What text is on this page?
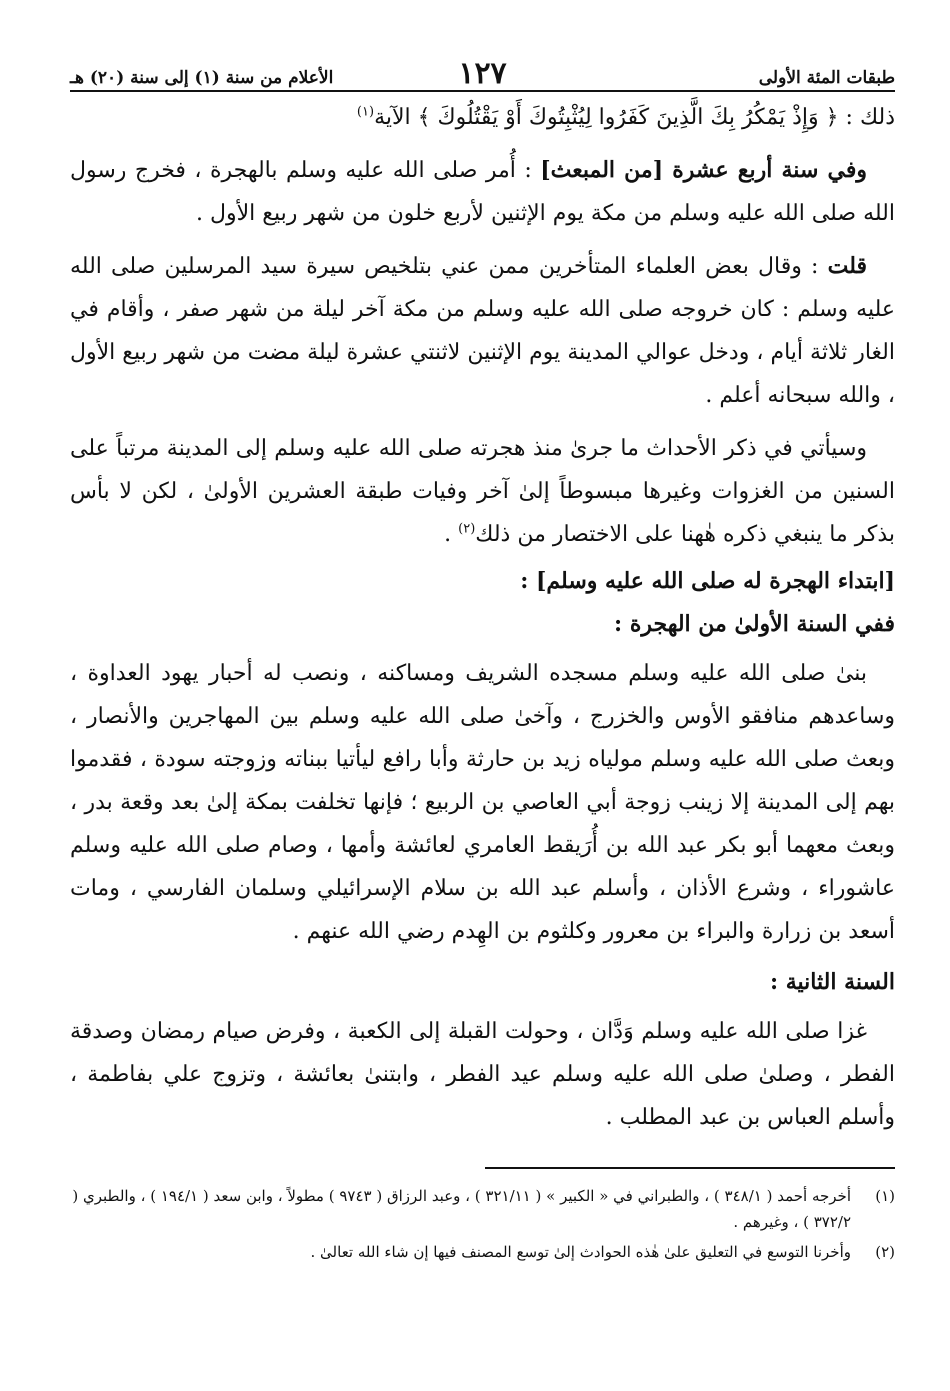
طبقات المئة الأولى
١٢٧
الأعلام من سنة (١) إلى سنة (٢٠) هـ

ذلك : ﴿ وَإِذْ يَمْكُرُ بِكَ الَّذِينَ كَفَرُوا لِيُثْبِتُوكَ أَوْ يَقْتُلُوكَ ﴾ الآية$^{(١)}$

وفي سنة أربع عشرة [من المبعث] : أُمر صلى الله عليه وسلم بالهجرة ، فخرج رسول الله صلى الله عليه وسلم من مكة يوم الإثنين لأربع خلون من شهر ربيع الأول .

قلت : وقال بعض العلماء المتأخرين ممن عني بتلخيص سيرة سيد المرسلين صلى الله عليه وسلم : كان خروجه صلى الله عليه وسلم من مكة آخر ليلة من شهر صفر ، وأقام في الغار ثلاثة أيام ، ودخل عوالي المدينة يوم الإثنين لاثنتي عشرة ليلة مضت من شهر ربيع الأول ، والله سبحانه أعلم .

وسيأتي في ذكر الأحداث ما جرىٰ منذ هجرته صلى الله عليه وسلم إلى المدينة مرتباً على السنين من الغزوات وغيرها مبسوطاً إلىٰ آخر وفيات طبقة العشرين الأولىٰ ، لكن لا بأس بذكر ما ينبغي ذكره هٰهنا على الاختصار من ذلك$^{(٢)}$ .

[ابتداء الهجرة له صلى الله عليه وسلم] :

ففي السنة الأولىٰ من الهجرة :

بنىٰ صلى الله عليه وسلم مسجده الشريف ومساكنه ، ونصب له أحبار يهود العداوة ، وساعدهم منافقو الأوس والخزرج ، وآخىٰ صلى الله عليه وسلم بين المهاجرين والأنصار ، وبعث صلى الله عليه وسلم مولياه زيد بن حارثة وأبا رافع ليأتيا ببناته وزوجته سودة ، فقدموا بهم إلى المدينة إلا زينب زوجة أبي العاصي بن الربيع ؛ فإنها تخلفت بمكة إلىٰ بعد وقعة بدر ، وبعث معهما أبو بكر عبد الله بن أُرَيقط العامري لعائشة وأمها ، وصام صلى الله عليه وسلم عاشوراء ، وشرع الأذان ، وأسلم عبد الله بن سلام الإسرائيلي وسلمان الفارسي ، ومات أسعد بن زرارة والبراء بن معرور وكلثوم بن الهِدم رضي الله عنهم .

السنة الثانية :

غزا صلى الله عليه وسلم وَدَّان ، وحولت القبلة إلى الكعبة ، وفرض صيام رمضان وصدقة الفطر ، وصلىٰ صلى الله عليه وسلم عيد الفطر ، وابتنىٰ بعائشة ، وتزوج علي بفاطمة ، وأسلم العباس بن عبد المطلب .

(١)
أخرجه أحمد ( ٣٤٨/١ ) ، والطبراني في « الكبير » ( ٣٢١/١١ ) ، وعبد الرزاق ( ٩٧٤٣ ) مطولاً ، وابن سعد ( ١٩٤/١ ) ، والطبري ( ٣٧٢/٢ ) ، وغيرهم .
(٢)
وأخرنا التوسع في التعليق علىٰ هٰذه الحوادث إلىٰ توسع المصنف فيها إن شاء الله تعالىٰ .
